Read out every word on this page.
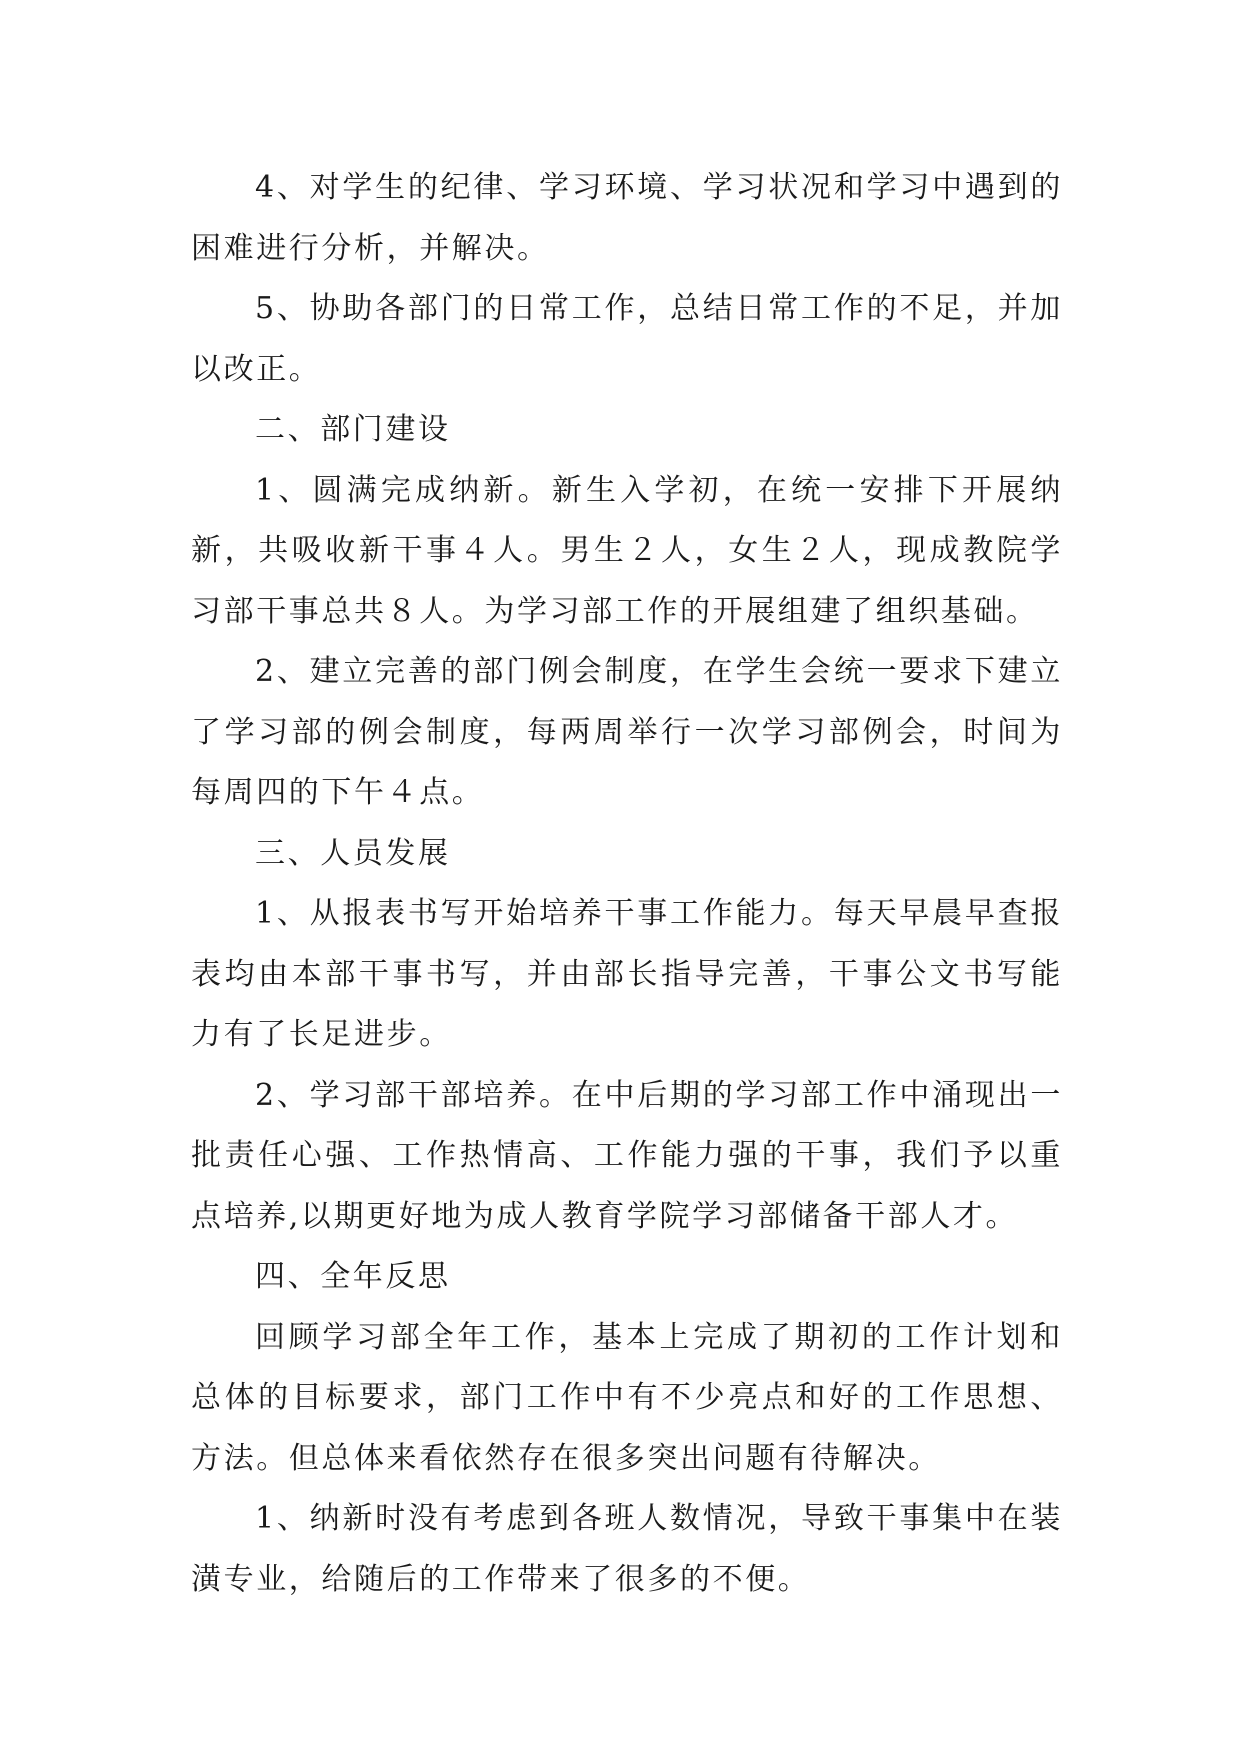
4、对学生的纪律、学习环境、学习状况和学习中遇到的困难进行分析，并解决。

5、协助各部门的日常工作，总结日常工作的不足，并加以改正。

二、部门建设

1、圆满完成纳新。新生入学初，在统一安排下开展纳新，共吸收新干事４人。男生２人，女生２人，现成教院学习部干事总共８人。为学习部工作的开展组建了组织基础。

2、建立完善的部门例会制度，在学生会统一要求下建立了学习部的例会制度，每两周举行一次学习部例会，时间为每周四的下午４点。

三、人员发展

1、从报表书写开始培养干事工作能力。每天早晨早查报表均由本部干事书写，并由部长指导完善，干事公文书写能力有了长足进步。

2、学习部干部培养。在中后期的学习部工作中涌现出一批责任心强、工作热情高、工作能力强的干事，我们予以重点培养,以期更好地为成人教育学院学习部储备干部人才。

四、全年反思

回顾学习部全年工作，基本上完成了期初的工作计划和总体的目标要求，部门工作中有不少亮点和好的工作思想、方法。但总体来看依然存在很多突出问题有待解决。

1、纳新时没有考虑到各班人数情况，导致干事集中在装潢专业，给随后的工作带来了很多的不便。
